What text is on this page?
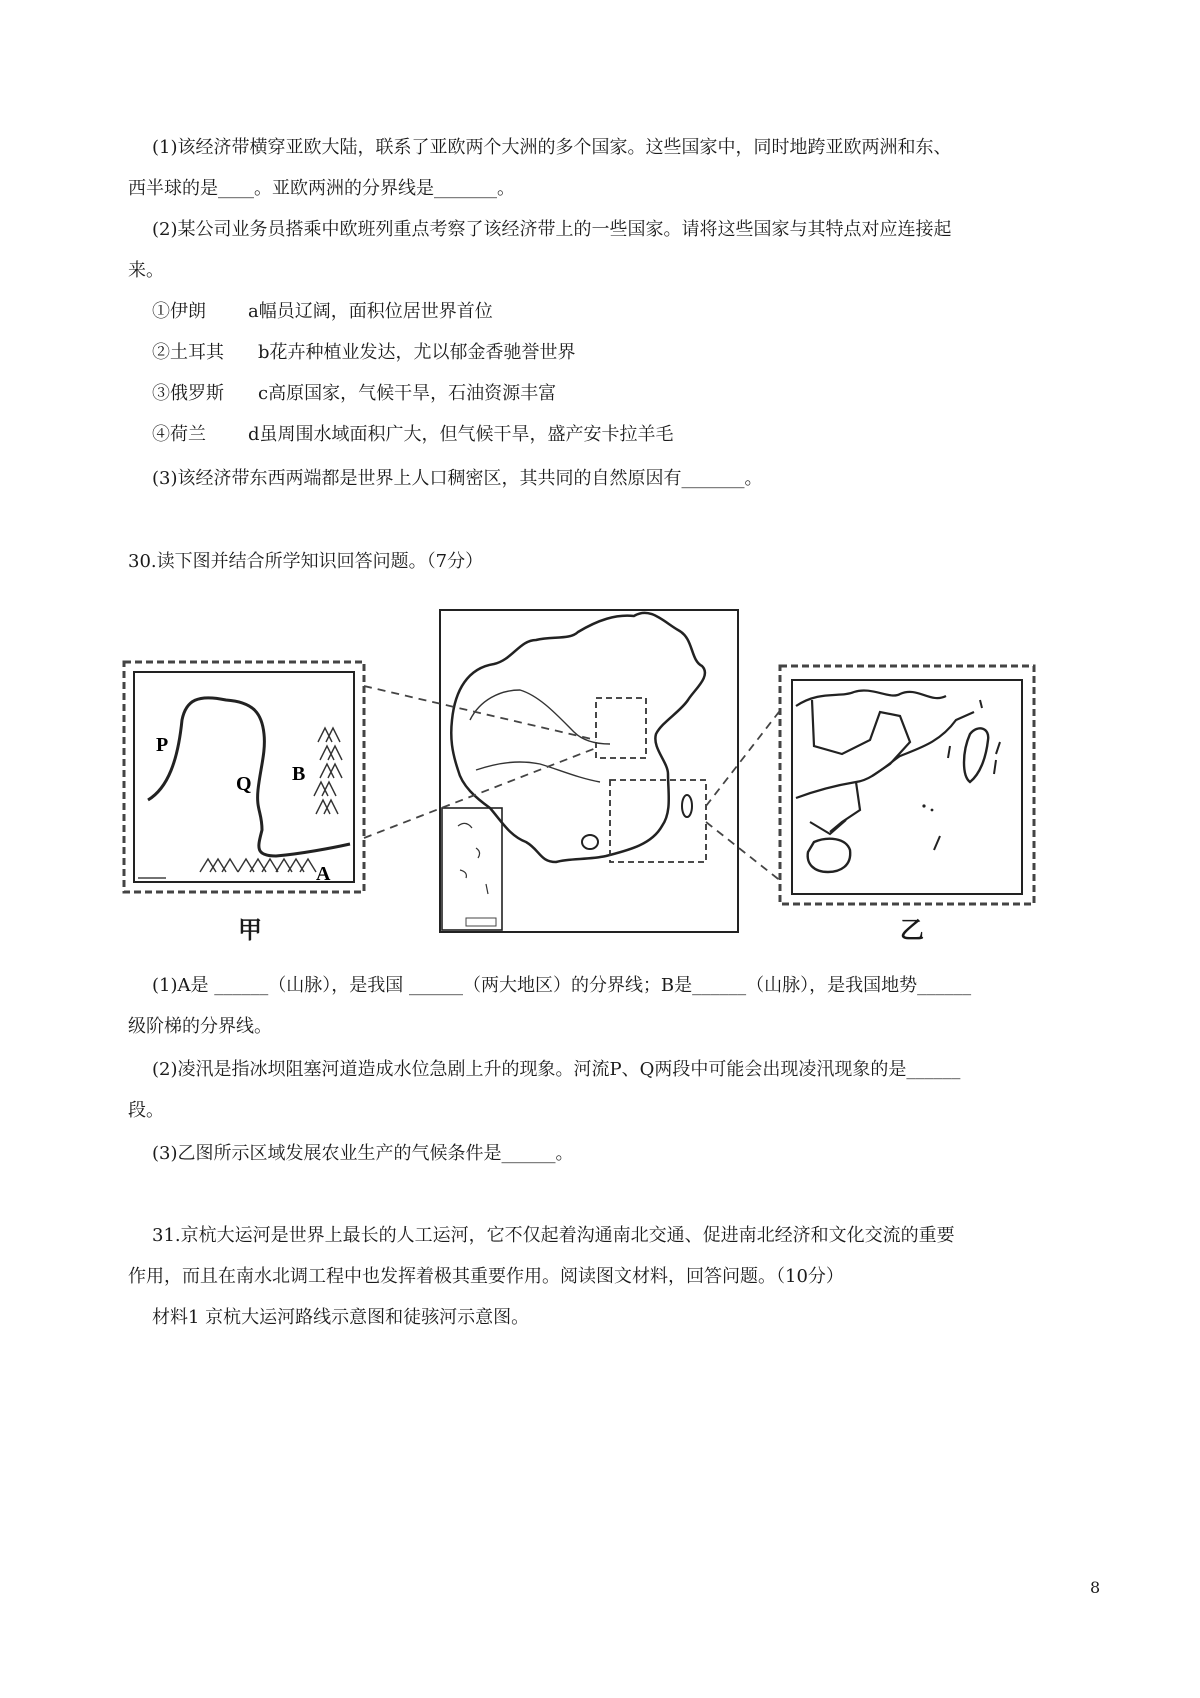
(1)该经济带横穿亚欧大陆，联系了亚欧两个大洲的多个国家。这些国家中，同时地跨亚欧两洲和东、
西半球的是____。亚欧两洲的分界线是_______。
(2)某公司业务员搭乘中欧班列重点考察了该经济带上的一些国家。请将这些国家与其特点对应连接起
来。
①伊朗 a幅员辽阔，面积位居世界首位
②土耳其 b花卉种植业发达，尤以郁金香驰誉世界
③俄罗斯 c高原国家，气候干旱，石油资源丰富
④荷兰 d虽周围水域面积广大，但气候干旱，盛产安卡拉羊毛
(3)该经济带东西两端都是世界上人口稠密区，其共同的自然原因有_______。
30.读下图并结合所学知识回答问题。（7分）
P
Q B
A
甲	乙
(1)A是 ______（山脉），是我国 ______（两大地区）的分界线；B是______（山脉），是我国地势______
级阶梯的分界线。
(2)凌汛是指冰坝阻塞河道造成水位急剧上升的现象。河流P、Q两段中可能会出现凌汛现象的是______
段。
(3)乙图所示区域发展农业生产的气候条件是______。
31.京杭大运河是世界上最长的人工运河，它不仅起着沟通南北交通、促进南北经济和文化交流的重要
作用，而且在南水北调工程中也发挥着极其重要作用。阅读图文材料，回答问题。（10分）
材料1 京杭大运河路线示意图和徒骇河示意图。
8
